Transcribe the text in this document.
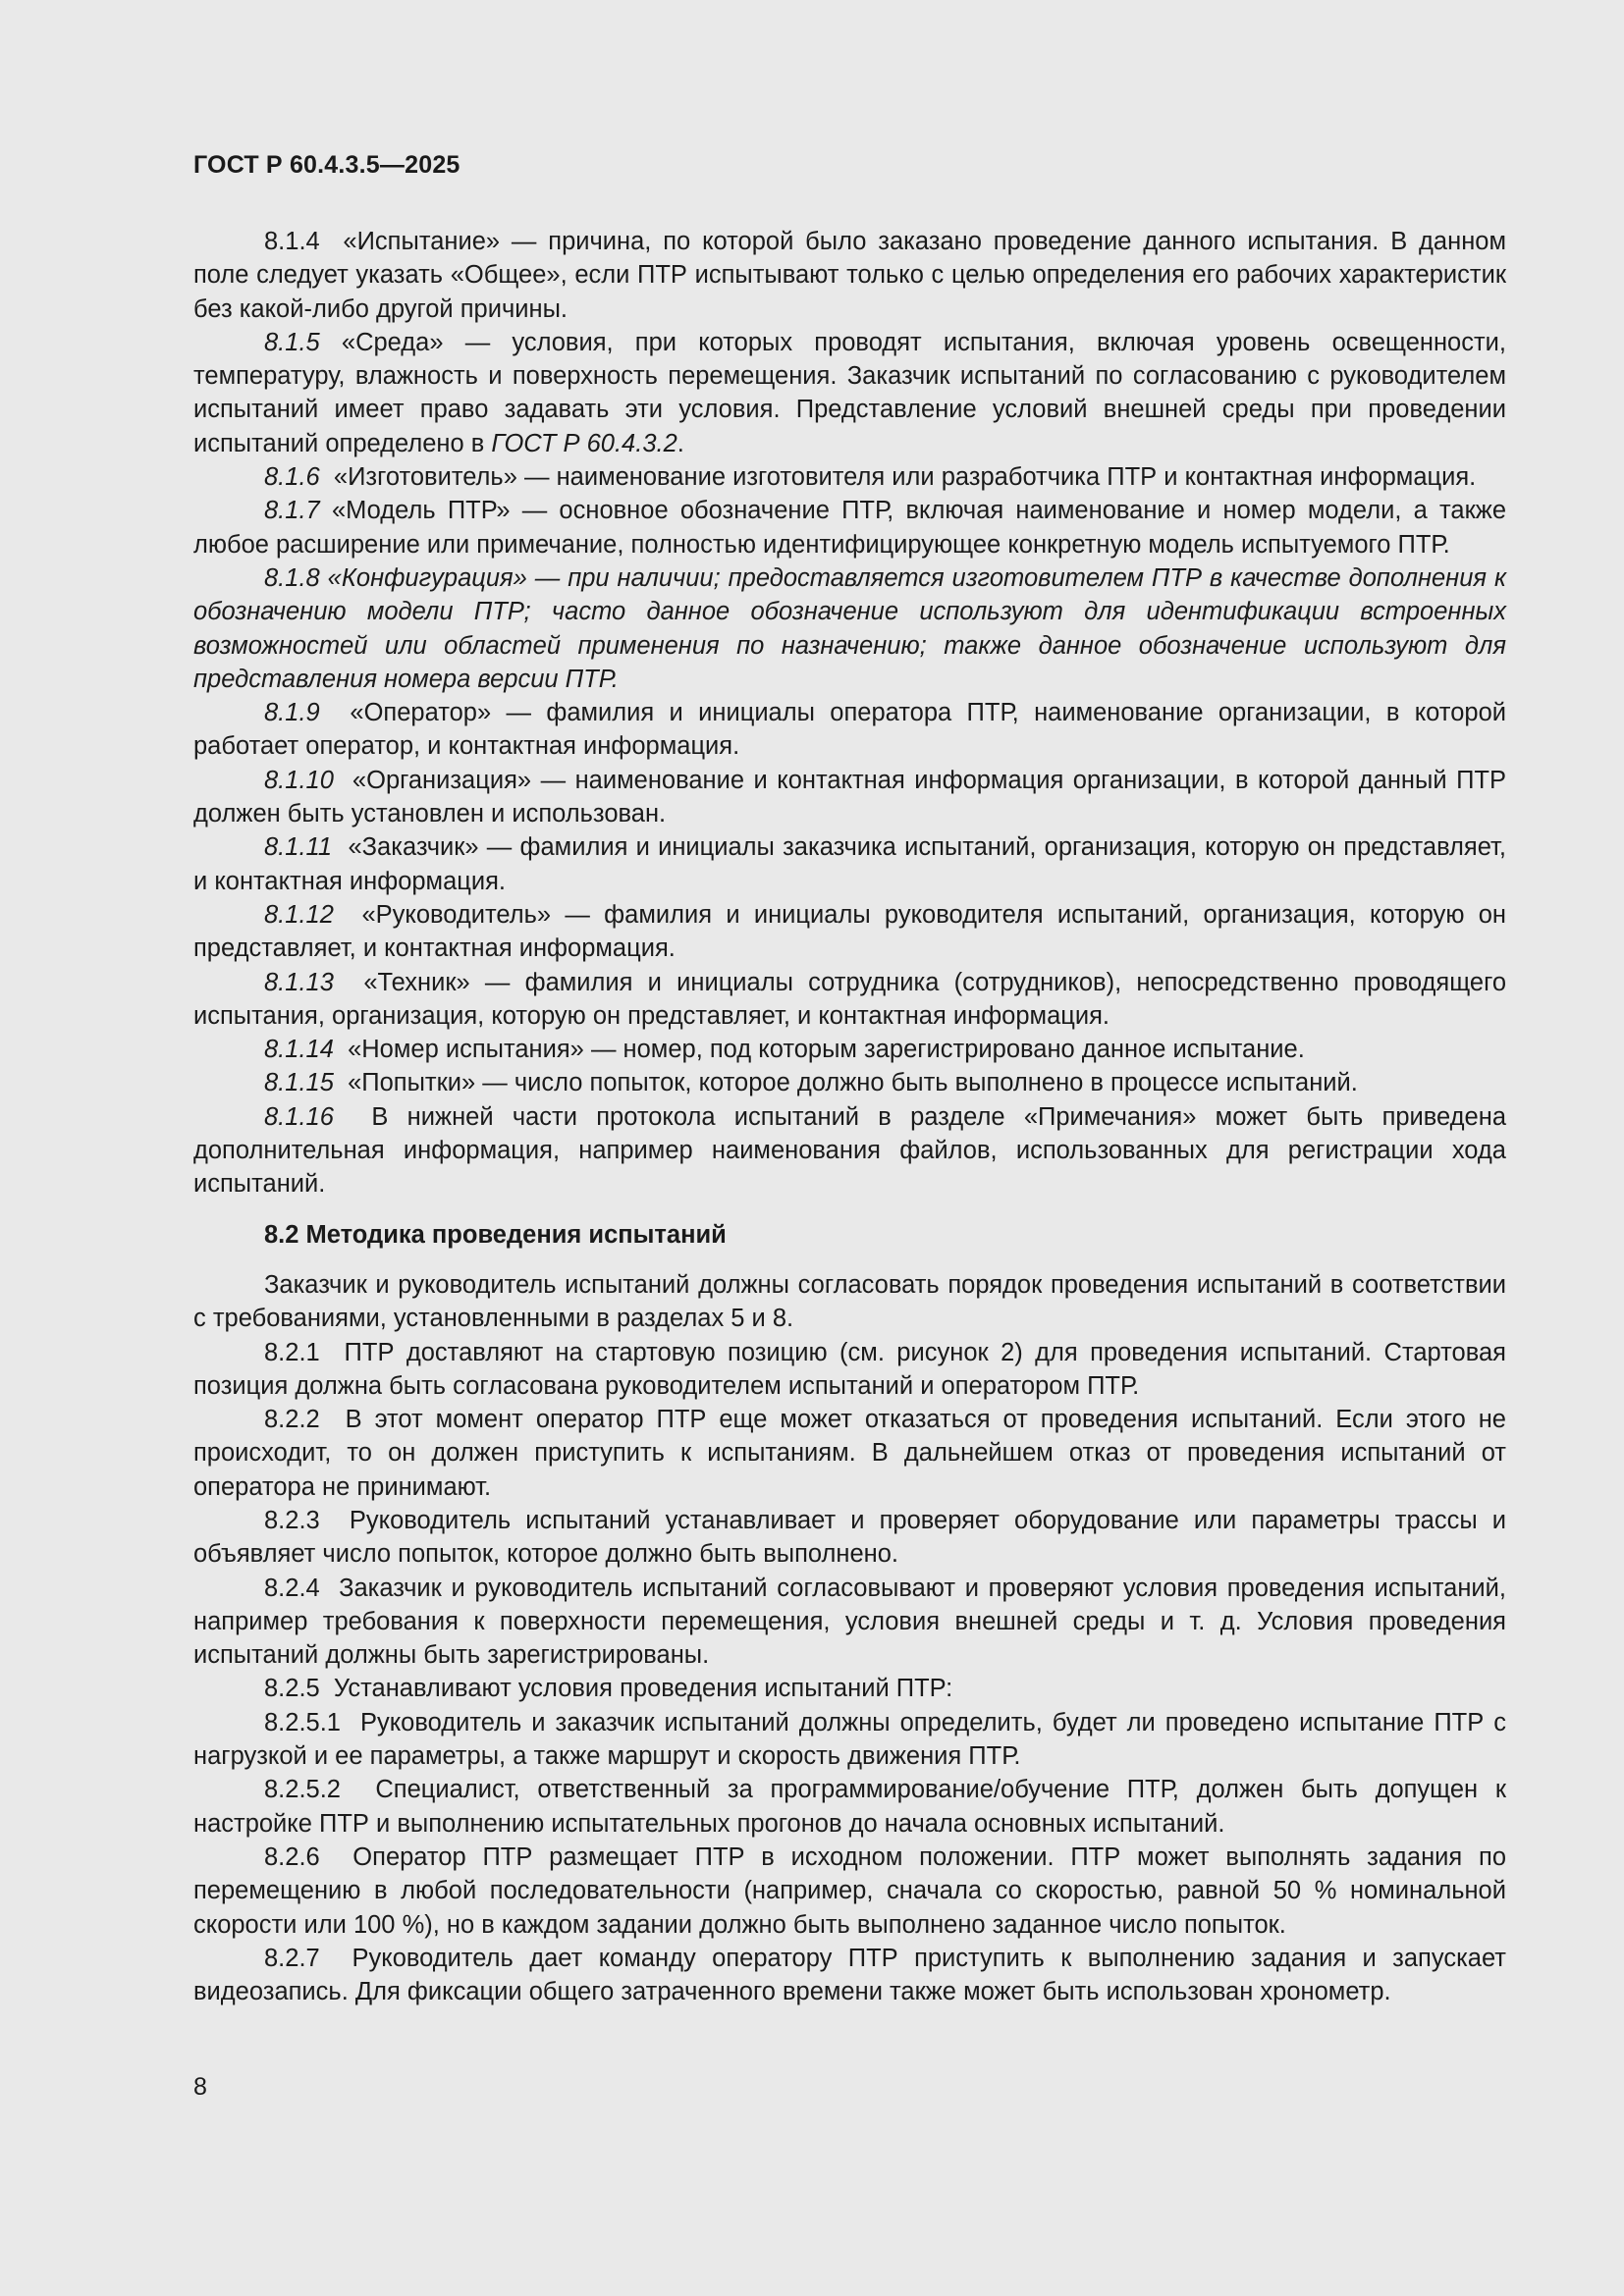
ГОСТ Р 60.4.3.5—2025

8.1.4 «Испытание» — причина, по которой было заказано проведение данного испытания. В данном поле следует указать «Общее», если ПТР испытывают только с целью определения его рабочих характеристик без какой-либо другой причины.

8.1.5 «Среда» — условия, при которых проводят испытания, включая уровень освещенности, температуру, влажность и поверхность перемещения. Заказчик испытаний по согласованию с руководителем испытаний имеет право задавать эти условия. Представление условий внешней среды при проведении испытаний определено в ГОСТ Р 60.4.3.2.

8.1.6 «Изготовитель» — наименование изготовителя или разработчика ПТР и контактная информация.

8.1.7 «Модель ПТР» — основное обозначение ПТР, включая наименование и номер модели, а также любое расширение или примечание, полностью идентифицирующее конкретную модель испытуемого ПТР.

8.1.8 «Конфигурация» — при наличии; предоставляется изготовителем ПТР в качестве дополнения к обозначению модели ПТР; часто данное обозначение используют для идентификации встроенных возможностей или областей применения по назначению; также данное обозначение используют для представления номера версии ПТР.

8.1.9 «Оператор» — фамилия и инициалы оператора ПТР, наименование организации, в которой работает оператор, и контактная информация.

8.1.10 «Организация» — наименование и контактная информация организации, в которой данный ПТР должен быть установлен и использован.

8.1.11 «Заказчик» — фамилия и инициалы заказчика испытаний, организация, которую он представляет, и контактная информация.

8.1.12 «Руководитель» — фамилия и инициалы руководителя испытаний, организация, которую он представляет, и контактная информация.

8.1.13 «Техник» — фамилия и инициалы сотрудника (сотрудников), непосредственно проводящего испытания, организация, которую он представляет, и контактная информация.

8.1.14 «Номер испытания» — номер, под которым зарегистрировано данное испытание.

8.1.15 «Попытки» — число попыток, которое должно быть выполнено в процессе испытаний.

8.1.16 В нижней части протокола испытаний в разделе «Примечания» может быть приведена дополнительная информация, например наименования файлов, использованных для регистрации хода испытаний.

8.2 Методика проведения испытаний

Заказчик и руководитель испытаний должны согласовать порядок проведения испытаний в соответствии с требованиями, установленными в разделах 5 и 8.

8.2.1 ПТР доставляют на стартовую позицию (см. рисунок 2) для проведения испытаний. Стартовая позиция должна быть согласована руководителем испытаний и оператором ПТР.

8.2.2 В этот момент оператор ПТР еще может отказаться от проведения испытаний. Если этого не происходит, то он должен приступить к испытаниям. В дальнейшем отказ от проведения испытаний от оператора не принимают.

8.2.3 Руководитель испытаний устанавливает и проверяет оборудование или параметры трассы и объявляет число попыток, которое должно быть выполнено.

8.2.4 Заказчик и руководитель испытаний согласовывают и проверяют условия проведения испытаний, например требования к поверхности перемещения, условия внешней среды и т. д. Условия проведения испытаний должны быть зарегистрированы.

8.2.5 Устанавливают условия проведения испытаний ПТР:

8.2.5.1 Руководитель и заказчик испытаний должны определить, будет ли проведено испытание ПТР с нагрузкой и ее параметры, а также маршрут и скорость движения ПТР.

8.2.5.2 Специалист, ответственный за программирование/обучение ПТР, должен быть допущен к настройке ПТР и выполнению испытательных прогонов до начала основных испытаний.

8.2.6 Оператор ПТР размещает ПТР в исходном положении. ПТР может выполнять задания по перемещению в любой последовательности (например, сначала со скоростью, равной 50 % номинальной скорости или 100 %), но в каждом задании должно быть выполнено заданное число попыток.

8.2.7 Руководитель дает команду оператору ПТР приступить к выполнению задания и запускает видеозапись. Для фиксации общего затраченного времени также может быть использован хронометр.

8
